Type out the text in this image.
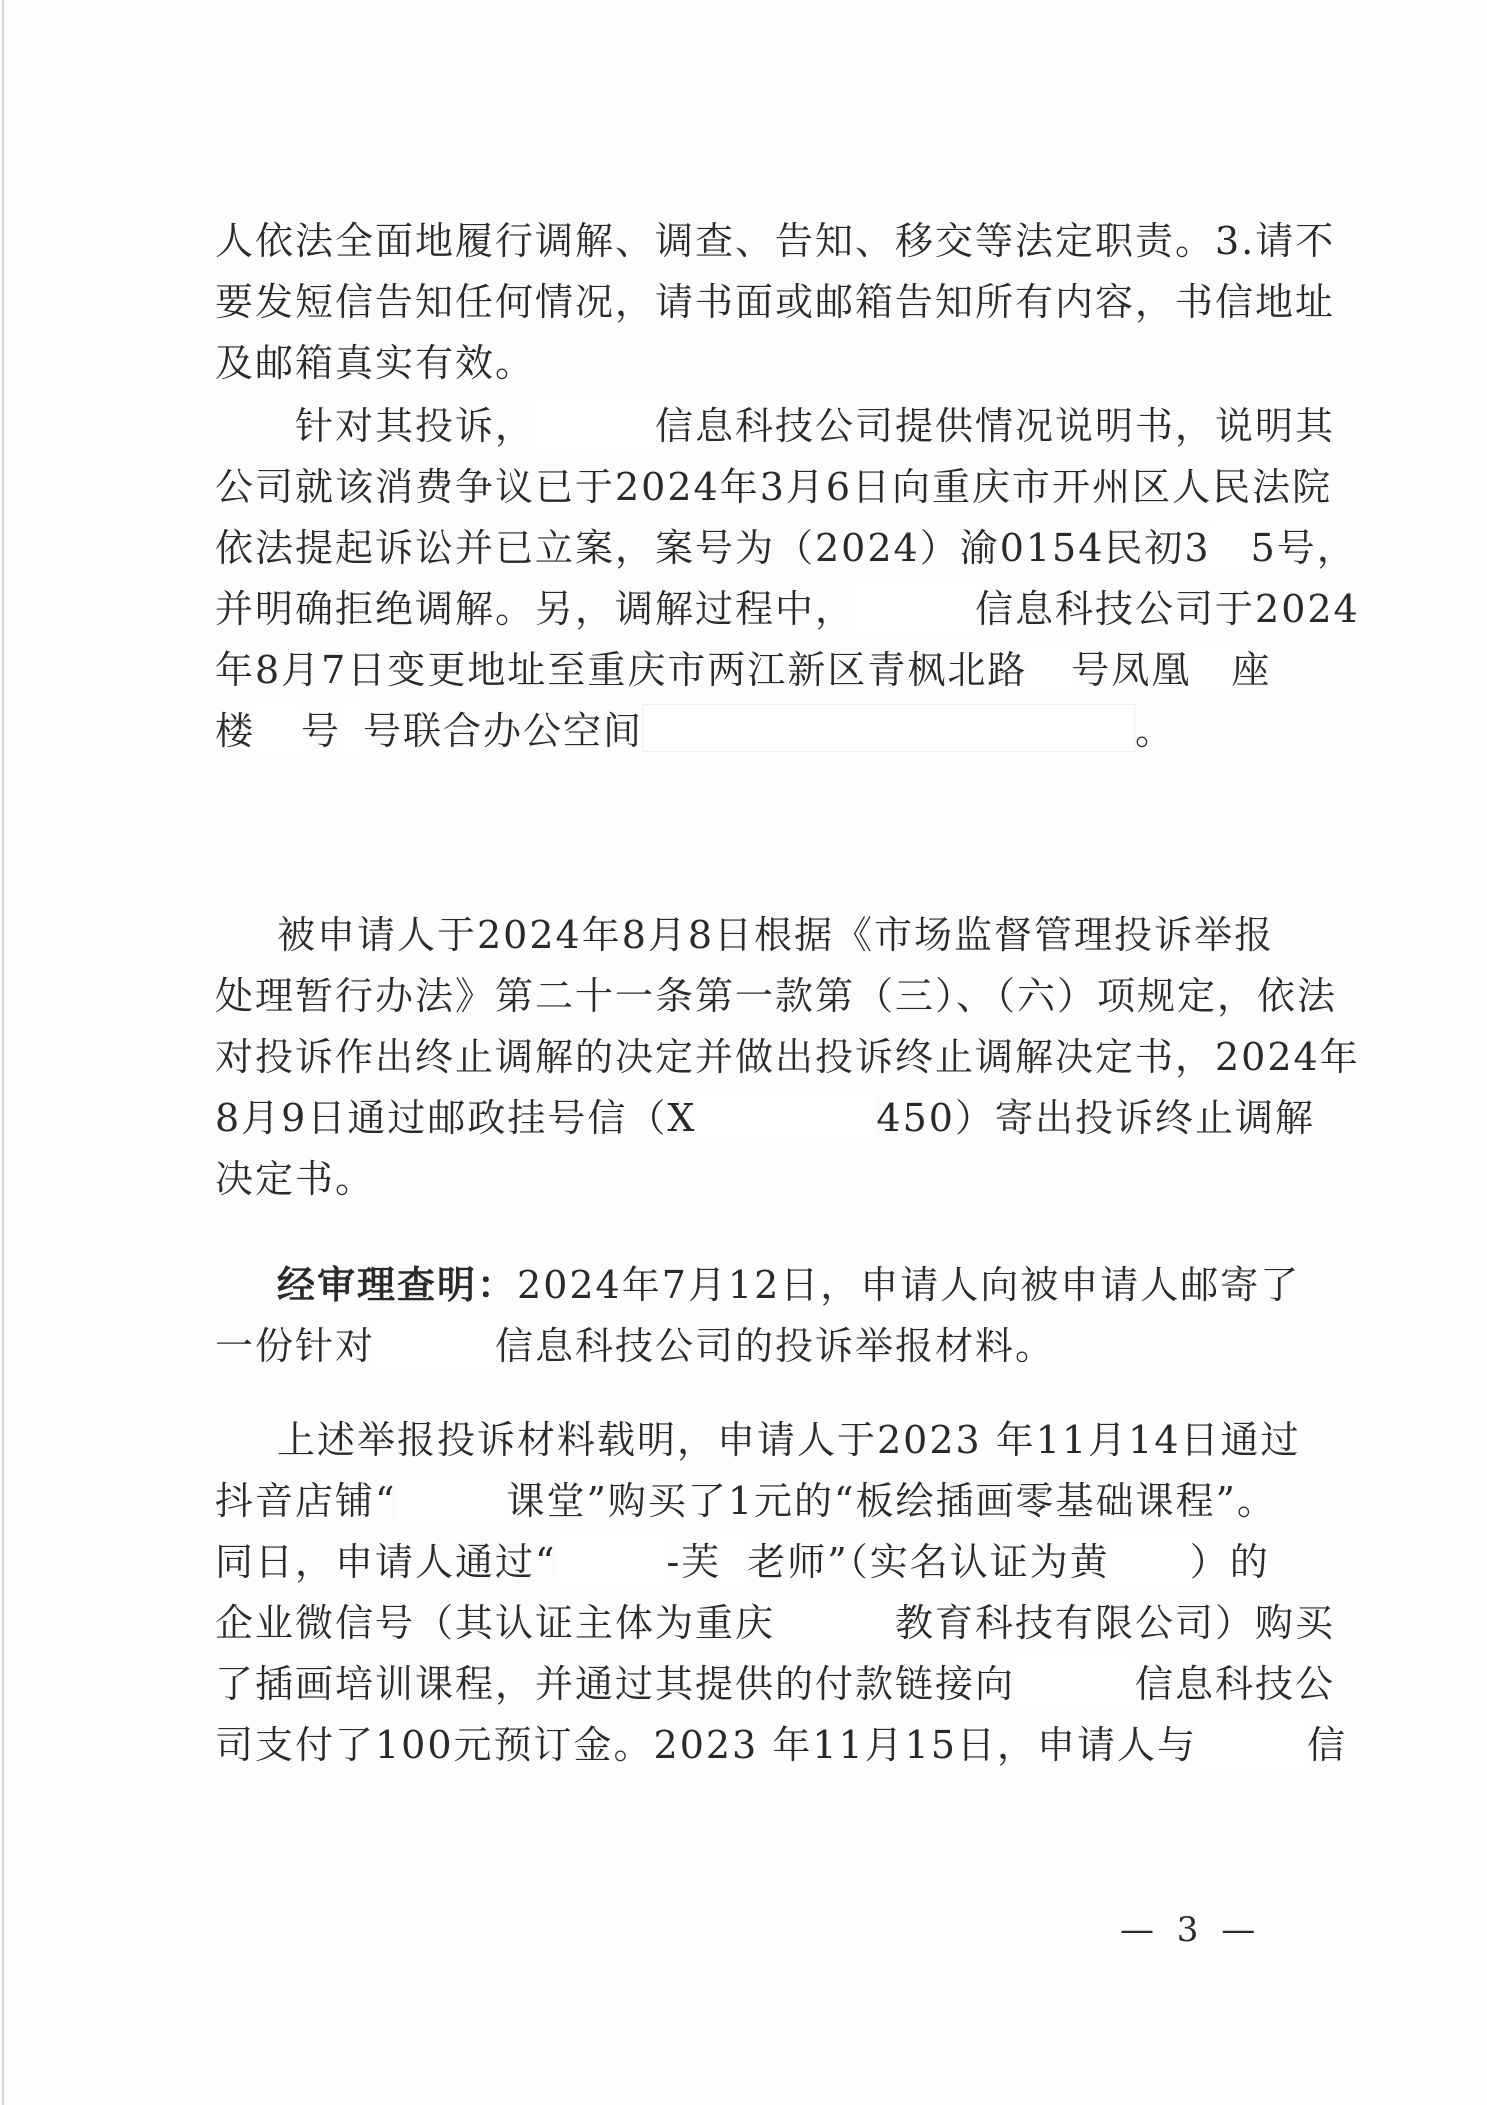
人依法全面地履行调解、调查、告知、移交等法定职责。3.请不
要发短信告知任何情况，请书面或邮箱告知所有内容，书信地址
及邮箱真实有效。
针对其投诉，	信息科技公司提供情况说明书，说明其
公司就该消费争议已于2024年3月6日向重庆市开州区人民法院
依法提起诉讼并已立案，案号为（2024）渝0154民初3 5号，
并明确拒绝调解。另，调解过程中，	信息科技公司于2024
年8月7日变更地址至重庆市两江新区青枫北路 号凤凰 座
楼 号 号联合办公空间	。
被申请人于2024年8月8日根据《市场监督管理投诉举报
处理暂行办法》第二十一条第一款第（三）、（六）项规定，依法
对投诉作出终止调解的决定并做出投诉终止调解决定书，2024年
8月9日通过邮政挂号信（X	450）寄出投诉终止调解
决定书。
经审理查明：2024年7月12日，申请人向被申请人邮寄了
一份针对	信息科技公司的投诉举报材料。
上述举报投诉材料载明，申请人于2023 年11月14日通过
抖音店铺“	课堂”购买了1元的“板绘插画零基础课程”。
同日，申请人通过“	-芙 老师”（实名认证为黄 ）的
企业微信号（其认证主体为重庆	教育科技有限公司）购买
了插画培训课程，并通过其提供的付款链接向	信息科技公
司支付了100元预订金。2023 年11月15日，申请人与	信
— 3 —
